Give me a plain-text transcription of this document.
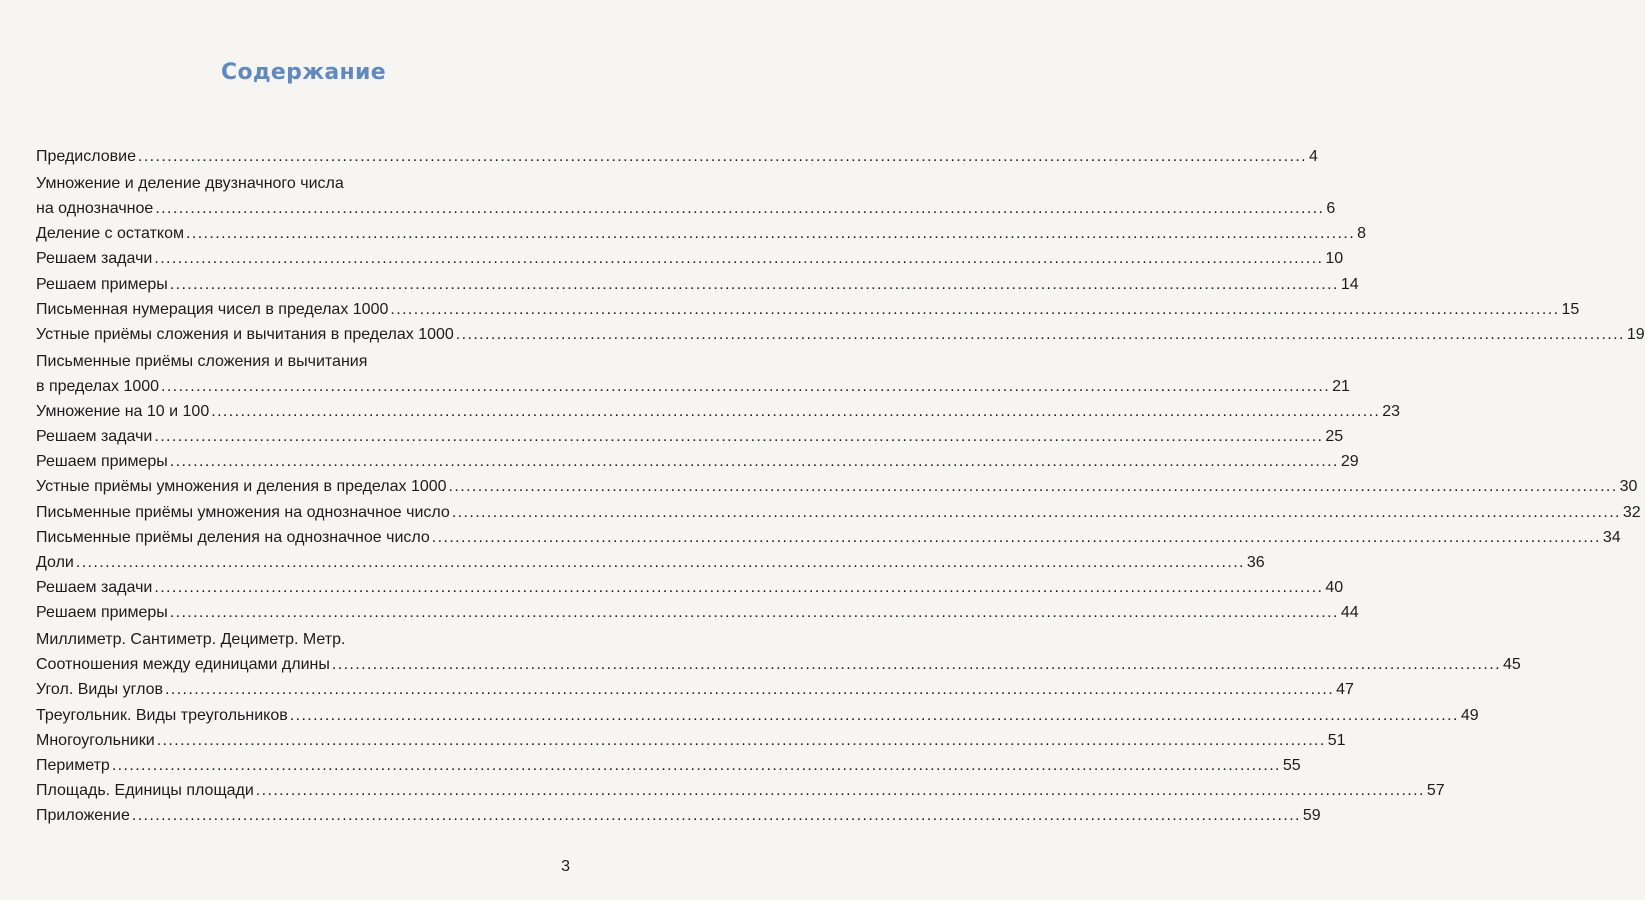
Содержание
Предисловие ........................................................................................................................................................................................................ 4
Умножение и деление двузначного числа
на однозначное ........................................................................................................................................................................................................ 6
Деление с остатком ........................................................................................................................................................................................................ 8
Решаем задачи ........................................................................................................................................................................................................ 10
Решаем примеры ........................................................................................................................................................................................................ 14
Письменная нумерация чисел в пределах 1000 ........................................................................................................................................................................................................ 15
Устные приёмы сложения и вычитания в пределах 1000 ........................................................................................................................................................................................................ 19
Письменные приёмы сложения и вычитания
в пределах 1000 ........................................................................................................................................................................................................ 21
Умножение на 10 и 100 ........................................................................................................................................................................................................ 23
Решаем задачи ........................................................................................................................................................................................................ 25
Решаем примеры ........................................................................................................................................................................................................ 29
Устные приёмы умножения и деления в пределах 1000 ........................................................................................................................................................................................................ 30
Письменные приёмы умножения на однозначное число ........................................................................................................................................................................................................ 32
Письменные приёмы деления на однозначное число ........................................................................................................................................................................................................ 34
Доли ........................................................................................................................................................................................................ 36
Решаем задачи ........................................................................................................................................................................................................ 40
Решаем примеры ........................................................................................................................................................................................................ 44
Миллиметр. Сантиметр. Дециметр. Метр.
Соотношения между единицами длины ........................................................................................................................................................................................................ 45
Угол. Виды углов ........................................................................................................................................................................................................ 47
Треугольник. Виды треугольников ........................................................................................................................................................................................................ 49
Многоугольники ........................................................................................................................................................................................................ 51
Периметр ........................................................................................................................................................................................................ 55
Площадь. Единицы площади ........................................................................................................................................................................................................ 57
Приложение ........................................................................................................................................................................................................ 59
3
